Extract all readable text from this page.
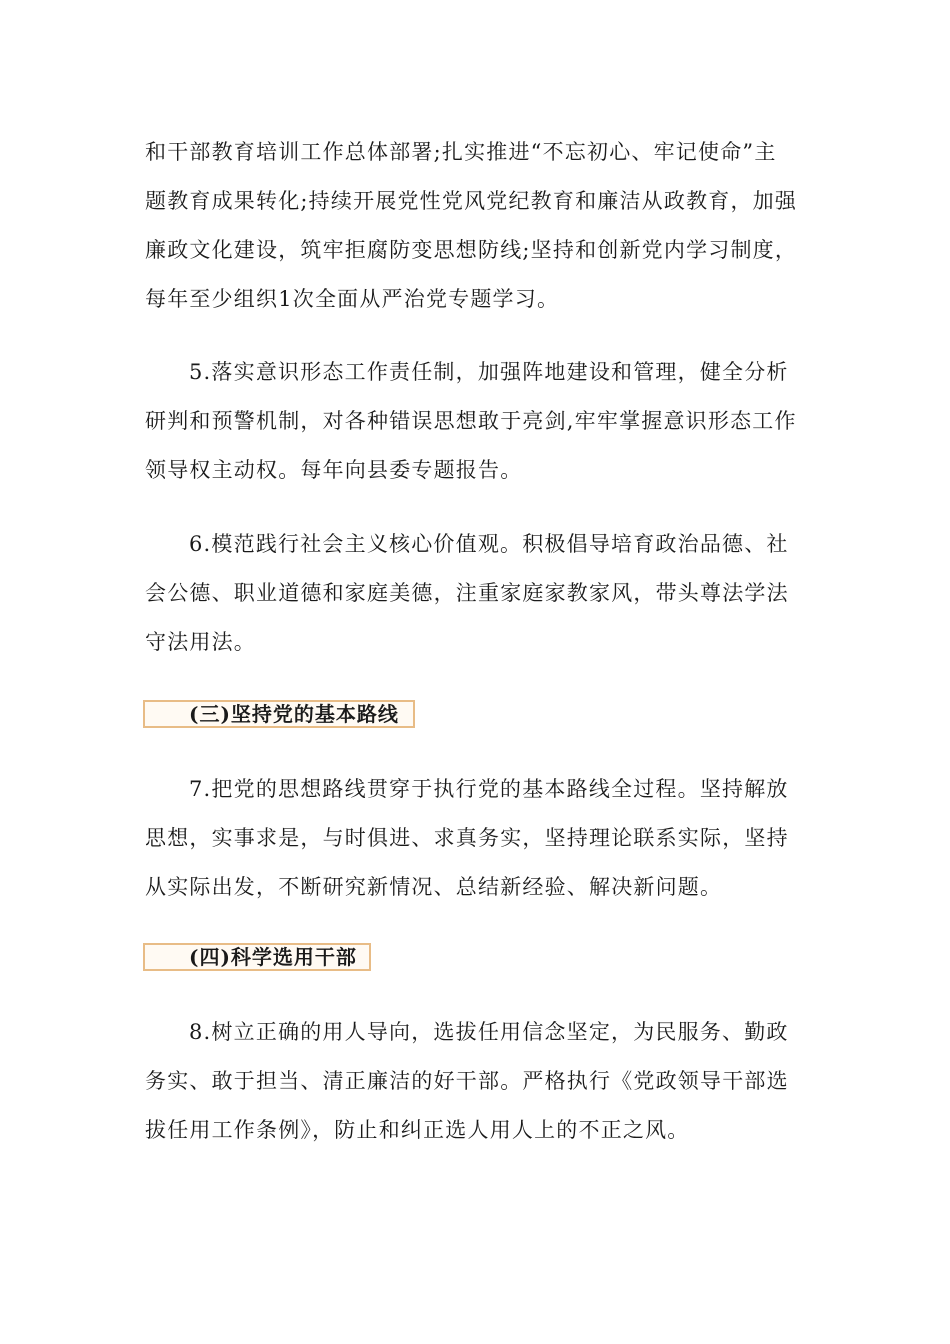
和干部教育培训工作总体部署;扎实推进“不忘初心、牢记使命”主
题教育成果转化;持续开展党性党风党纪教育和廉洁从政教育，加强
廉政文化建设，筑牢拒腐防变思想防线;坚持和创新党内学习制度，
每年至少组织1次全面从严治党专题学习。

5.落实意识形态工作责任制，加强阵地建设和管理，健全分析
研判和预警机制，对各种错误思想敢于亮剑,牢牢掌握意识形态工作
领导权主动权。每年向县委专题报告。

6.模范践行社会主义核心价值观。积极倡导培育政治品德、社
会公德、职业道德和家庭美德，注重家庭家教家风，带头尊法学法
守法用法。

(三)坚持党的基本路线

7.把党的思想路线贯穿于执行党的基本路线全过程。坚持解放
思想，实事求是，与时俱进、求真务实，坚持理论联系实际，坚持
从实际出发，不断研究新情况、总结新经验、解决新问题。

(四)科学选用干部

8.树立正确的用人导向，选拔任用信念坚定，为民服务、勤政
务实、敢于担当、清正廉洁的好干部。严格执行《党政领导干部选
拔任用工作条例》，防止和纠正选人用人上的不正之风。
